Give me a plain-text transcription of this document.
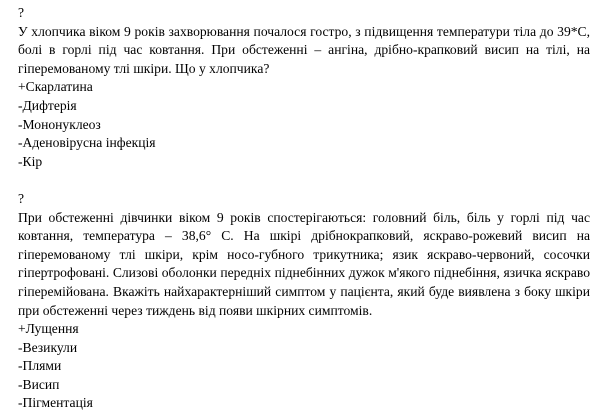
?
У хлопчика віком 9 років захворювання почалося гостро, з підвищення температури тіла до 39*С, болі в горлі під час ковтання. При обстеженні – ангіна, дрібно-крапковий висип на тілі, на гіперемованому тлі шкіри. Що у хлопчика?
+Скарлатина
-Дифтерія
-Мононуклеоз
-Аденовірусна інфекція
-Кір
?
При обстеженні дівчинки віком 9 років спостерігаються: головний біль, біль у горлі під час ковтання, температура – 38,6° С. На шкірі дрібнокрапковий, яскраво-рожевий висип на гіперемованому тлі шкіри, крім носо-губного трикутника; язик яскраво-червоний, сосочки гіпертрофовані. Слизові оболонки передніх піднебінних дужок м'якого піднебіння, язичка яскраво гіперемійована. Вкажіть найхарактерніший симптом у пацієнта, який буде виявлена з боку шкіри при обстеженні через тиждень від появи шкірних симптомів.
+Лущення
-Везикули
-Плями
-Висип
-Пігментація
